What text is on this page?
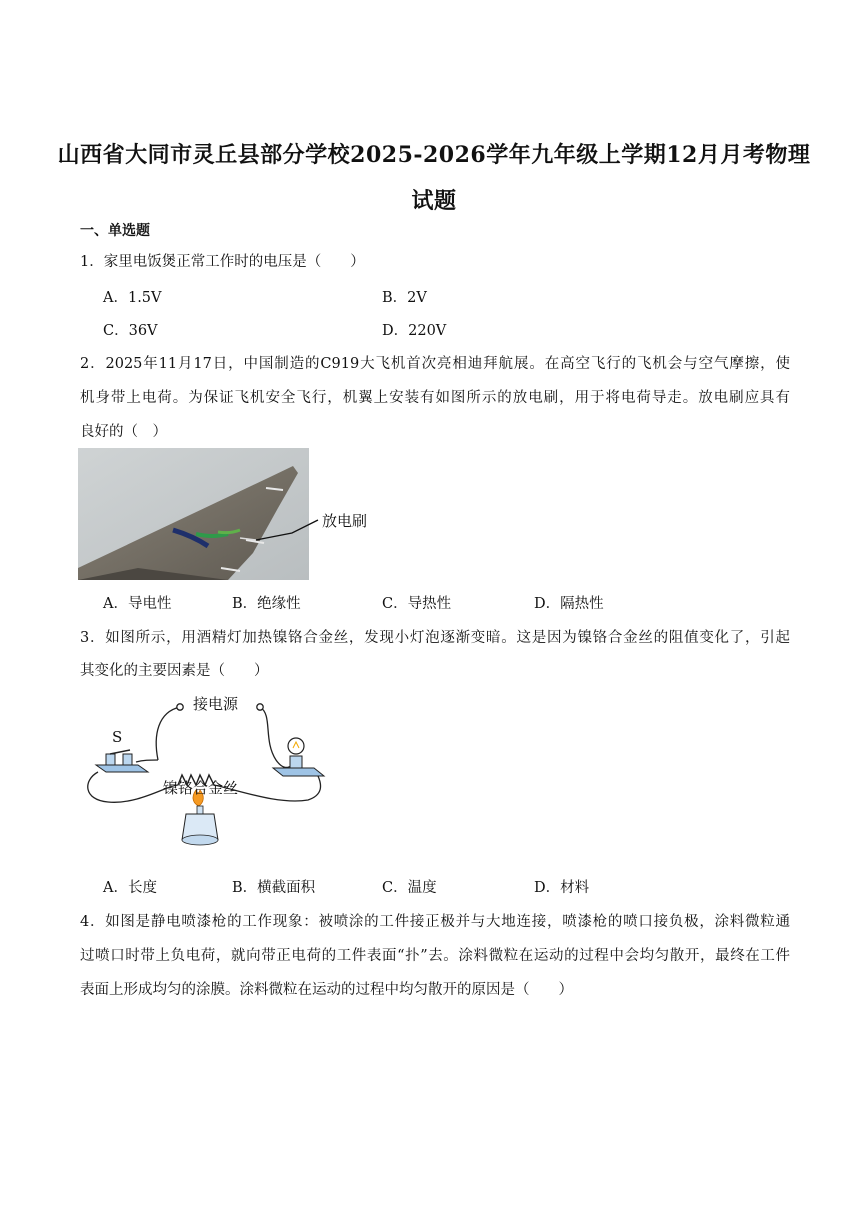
山西省大同市灵丘县部分学校2025-2026学年九年级上学期12月月考物理
试题
一、单选题
1．家里电饭煲正常工作时的电压是（　　）
A．1.5V	B．2V
C．36V	D．220V
2．2025年11月17日，中国制造的C919大飞机首次亮相迪拜航展。在高空飞行的飞机会与空气摩擦，使
机身带上电荷。为保证飞机安全飞行，机翼上安装有如图所示的放电刷，用于将电荷导走。放电刷应具有
良好的（　）
放电刷
A．导电性	B．绝缘性	C．导热性	D．隔热性
3．如图所示，用酒精灯加热镍铬合金丝，发现小灯泡逐渐变暗。这是因为镍铬合金丝的阻值变化了，引起
其变化的主要因素是（　　）
接电源
S
镍铬合金丝
A．长度	B．横截面积	C．温度	D．材料
4．如图是静电喷漆枪的工作现象：被喷涂的工件接正极并与大地连接，喷漆枪的喷口接负极，涂料微粒通
过喷口时带上负电荷，就向带正电荷的工件表面“扑”去。涂料微粒在运动的过程中会均匀散开，最终在工件
表面上形成均匀的涂膜。涂料微粒在运动的过程中均匀散开的原因是（　　）
